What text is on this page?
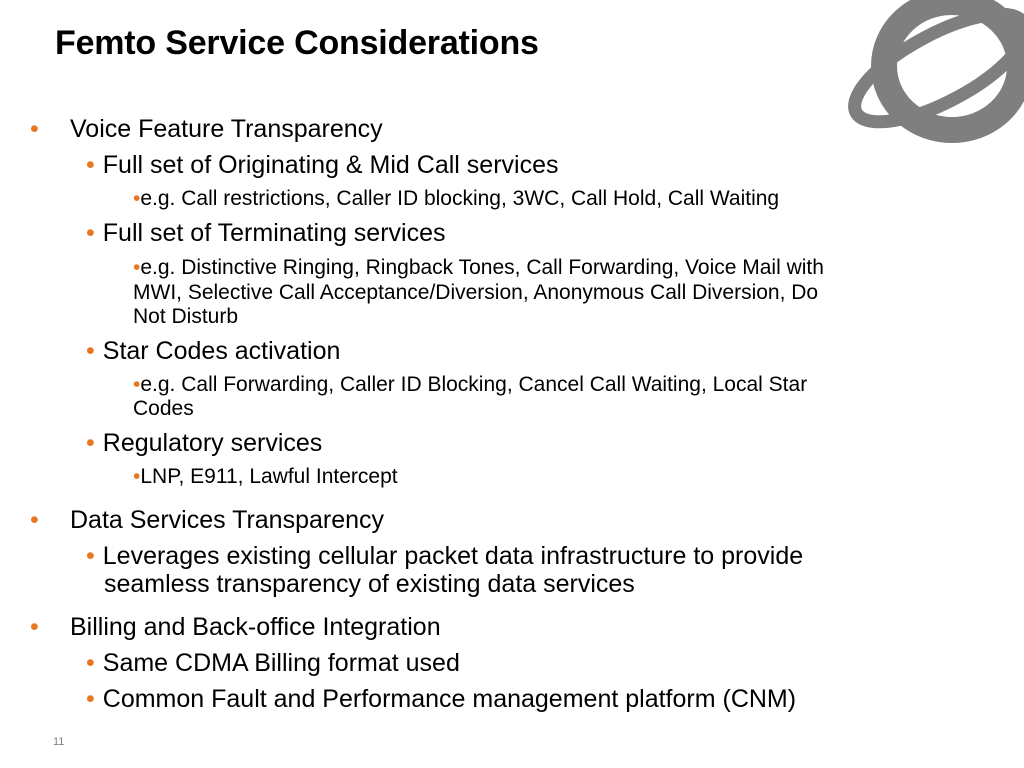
Femto Service Considerations
• Voice Feature Transparency
• Full set of Originating & Mid Call services
•e.g. Call restrictions, Caller ID blocking, 3WC, Call Hold, Call Waiting
• Full set of Terminating services
•e.g. Distinctive Ringing, Ringback Tones, Call Forwarding, Voice Mail with
MWI, Selective Call Acceptance/Diversion, Anonymous Call Diversion, Do
Not Disturb
• Star Codes activation
•e.g. Call Forwarding, Caller ID Blocking, Cancel Call Waiting, Local Star
Codes
• Regulatory services
•LNP, E911, Lawful Intercept
• Data Services Transparency
• Leverages existing cellular packet data infrastructure to provide
seamless transparency of existing data services
• Billing and Back-office Integration
• Same CDMA Billing format used
• Common Fault and Performance management platform (CNM)
11
